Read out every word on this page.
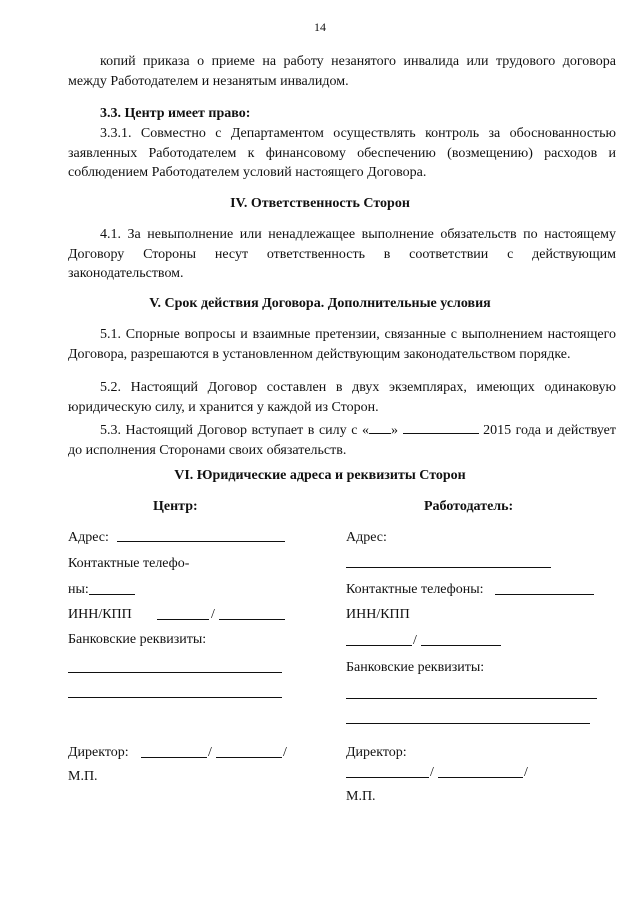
14
копий приказа о приеме на работу незанятого инвалида или трудового договора между Работодателем и незанятым инвалидом.
3.3. Центр имеет право:
3.3.1. Совместно с Департаментом осуществлять контроль за обоснованностью заявленных Работодателем к финансовому обеспечению (возмещению) расходов и соблюдением Работодателем условий настоящего Договора.
IV. Ответственность Сторон
4.1. За невыполнение или ненадлежащее выполнение обязательств по настоящему Договору Стороны несут ответственность в соответствии с действующим законодательством.
V. Срок действия Договора. Дополнительные условия
5.1. Спорные вопросы и взаимные претензии, связанные с выполнением настоящего Договора, разрешаются в установленном действующим законодательством порядке.
5.2. Настоящий Договор составлен в двух экземплярах, имеющих одинаковую юридическую силу, и хранится у каждой из Сторон.
5.3. Настоящий Договор вступает в силу с « »	2015 года и действует до исполнения Сторонами своих обязательств.
VI. Юридические адреса и реквизиты Сторон
Центр:
Адрес:
Контактные телефо-
ны:
ИНН/КПП	/
Банковские реквизиты:
Директор:	/	/
М.П.
Работодатель:
Адрес:
Контактные телефоны:
ИНН/КПП
/
Банковские реквизиты:
Директор:
/	/
М.П.
